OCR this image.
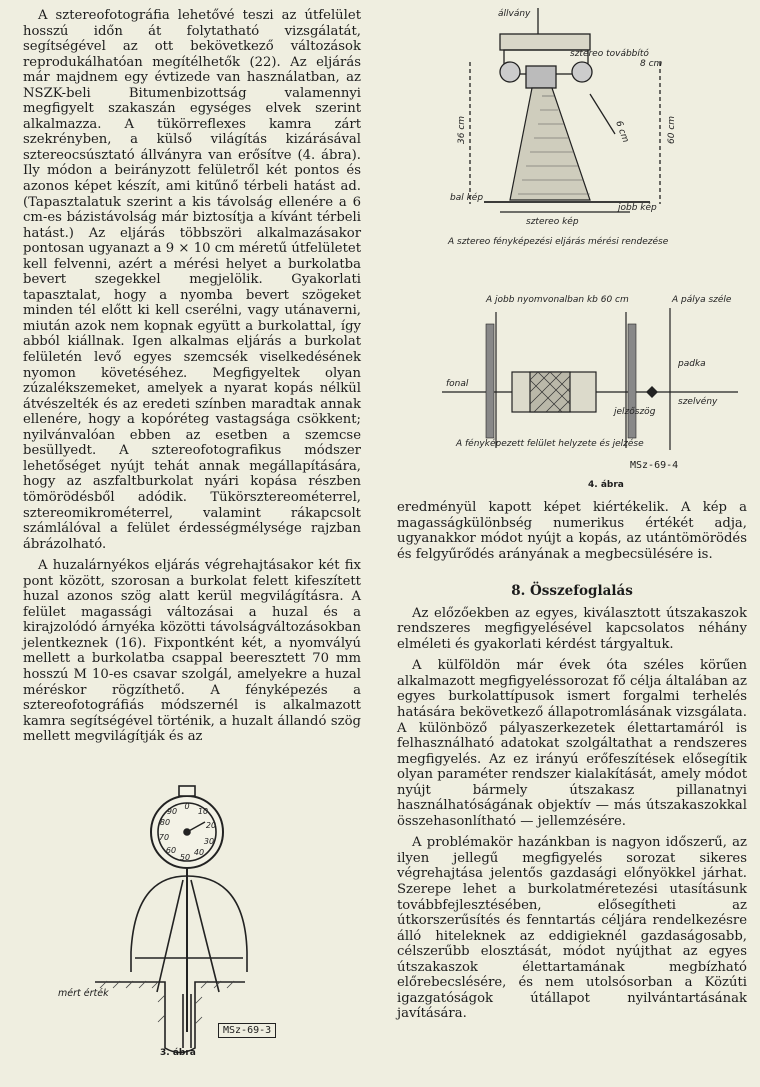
A sztereofotográfia lehetővé teszi az útfelület hosszú időn át folytatható vizsgálatát, segítségével az ott bekövetkező változások reprodukálhatóan megítélhetők (22). Az eljárás már majdnem egy évtizede van használatban, az NSZK-beli Bitumenbizottság valamennyi megfigyelt szakaszán egységes elvek szerint alkalmazza. A tükörreflexes kamra zárt szekrényben, a külső világítás kizárásával sztereocsúsztató állványra van erősítve (4. ábra). Ily módon a beirányzott felületről két pontos és azonos képet készít, ami kitűnő térbeli hatást ad. (Tapasztalatuk szerint a kis távolság ellenére a 6 cm-es bázistávolság már biztosítja a kívánt térbeli hatást.) Az eljárás többszöri alkalmazásakor pontosan ugyanazt a 9 ⨯ 10 cm méretű útfelületet kell felvenni, azért a mérési helyet a burkolatba bevert szegekkel megjelölik. Gyakorlati tapasztalat, hogy a nyomba bevert szögeket minden tél előtt ki kell cserélni, vagy utánaverni, miután azok nem kopnak együtt a burkolattal, így abból kiállnak. Igen alkalmas eljárás a burkolat felületén levő egyes szemcsék viselkedésének nyomon követéséhez. Megfigyeltek olyan zúzalékszemeket, amelyek a nyarat kopás nélkül átvészelték és az eredeti színben maradtak annak ellenére, hogy a kopóréteg vastagsága csökkent; nyilvánvalóan ebben az esetben a szemcse besüllyedt. A sztereofotografikus módszer lehetőséget nyújt tehát annak megállapítására, hogy az aszfaltburkolat nyári kopása részben tömörödésből adódik. Tükörsztereométerrel, sztereomikrométerrel, valamint rákapcsolt számlálóval a felület érdességmélysége rajzban ábrázolható.

A huzalárnyékos eljárás végrehajtásakor két fix pont között, szorosan a burkolat felett kifeszített huzal azonos szög alatt kerül megvilágításra. A felület magassági változásai a huzal és a kirajzolódó árnyéka közötti távolságváltozásokban jelentkeznek (16). Fixpontként két, a nyomvályú mellett a burkolatba csappal beeresztett 70 mm hosszú M 10-es csavar szolgál, amelyekre a huzal méréskor rögzíthető. A fényképezés a sztereofotográfiás módszernél is alkalmazott kamra segítségével történik, a huzalt állandó szög mellett megvilágítják és az

0
10
20
30
40
50
60
70
80
90
mért érték
MSz-69-3
3. ábra
állvány
sztereo továbbító
bal kép
jobb kép
sztereo kép
36 cm	6 cm	60 cm
8 cm
A sztereo fényképezési eljárás mérési rendezése
A jobb nyomvonalban kb 60 cm	A pálya széle
padka
fonal
jelzőszög
szelvény
A fényképezett felület helyzete és jelzése
MSz-69-4
4. ábra

eredményül kapott képet kiértékelik. A kép a magasságkülönbség numerikus értékét adja, ugyanakkor módot nyújt a kopás, az utántömörödés és felgyűrődés arányának a megbecsülésére is.

8. Összefoglalás

Az előzőekben az egyes, kiválasztott útszakaszok rendszeres megfigyelésével kapcsolatos néhány elméleti és gyakorlati kérdést tárgyaltuk.

A külföldön már évek óta széles körűen alkalmazott megfigyeléssorozat fő célja általában az egyes burkolattípusok ismert forgalmi terhelés hatására bekövetkező állapotromlásának vizsgálata. A különböző pályaszerkezetek élettartamáról is felhasználható adatokat szolgáltathat a rendszeres megfigyelés. Az ez irányú erőfeszítések elősegítik olyan paraméter rendszer kialakítását, amely módot nyújt bármely útszakasz pillanatnyi használhatóságának objektív — más útszakaszokkal összehasonlítható — jellemzésére.

A problémakör hazánkban is nagyon időszerű, az ilyen jellegű megfigyelés sorozat sikeres végrehajtása jelentős gazdasági előnyökkel járhat. Szerepe lehet a burkolatméretezési utasításunk továbbfejlesztésében, elősegítheti az útkorszerűsítés és fenntartás céljára rendelkezésre álló hiteleknek az eddigieknél gazdaságosabb, célszerűbb elosztását, módot nyújthat az egyes útszakaszok élettartamának megbízható előrebecslésére, és nem utolsósorban a Közúti igazgatóságok útállapot nyilvántartásának javítására.
